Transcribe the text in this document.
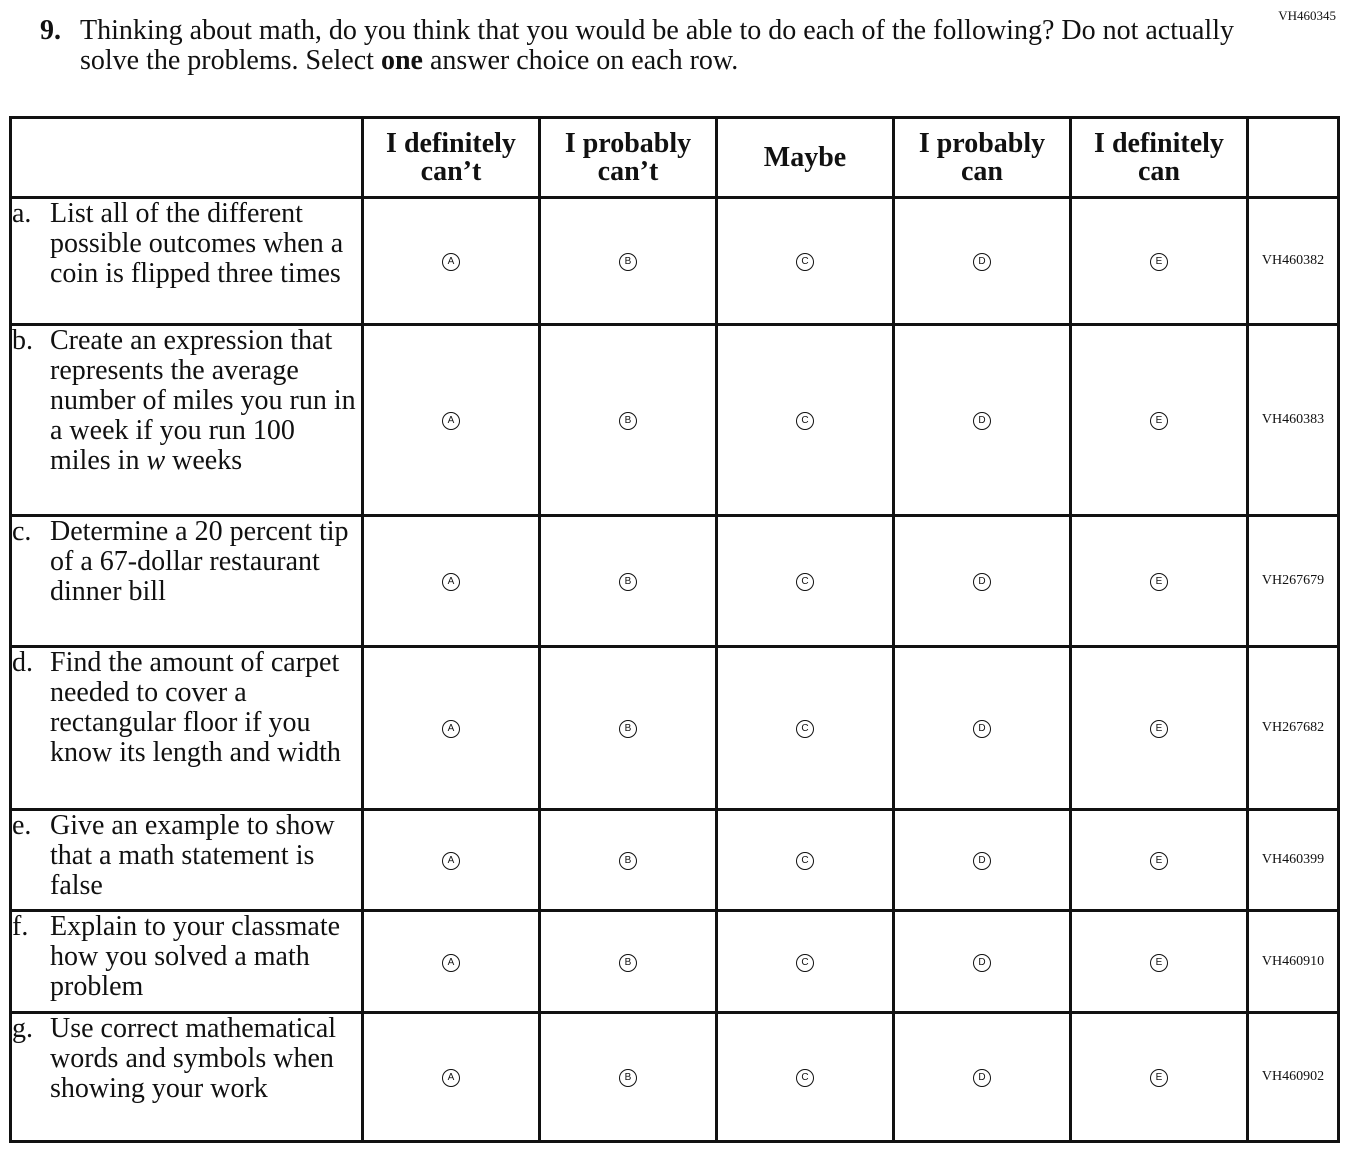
VH460345
9. Thinking about math, do you think that you would be able to do each of the following? Do not actually solve the problems. Select one answer choice on each row.
	I definitely can’t	I probably can’t	Maybe	I probably can	I definitely can	

a. List all of the different possible outcomes when a coin is flipped three times	A	B	C	D	E	VH460382

b. Create an expression that represents the average number of miles you run in a week if you run 100 miles in w weeks	A	B	C	D	E	VH460383

c. Determine a 20 percent tip of a 67-dollar restaurant dinner bill	A	B	C	D	E	VH267679

d. Find the amount of carpet needed to cover a rectangular floor if you know its length and width	A	B	C	D	E	VH267682

e. Give an example to show that a math statement is false	A	B	C	D	E	VH460399

f. Explain to your classmate how you solved a math problem	A	B	C	D	E	VH460910

g. Use correct mathematical words and symbols when showing your work	A	B	C	D	E	VH460902
